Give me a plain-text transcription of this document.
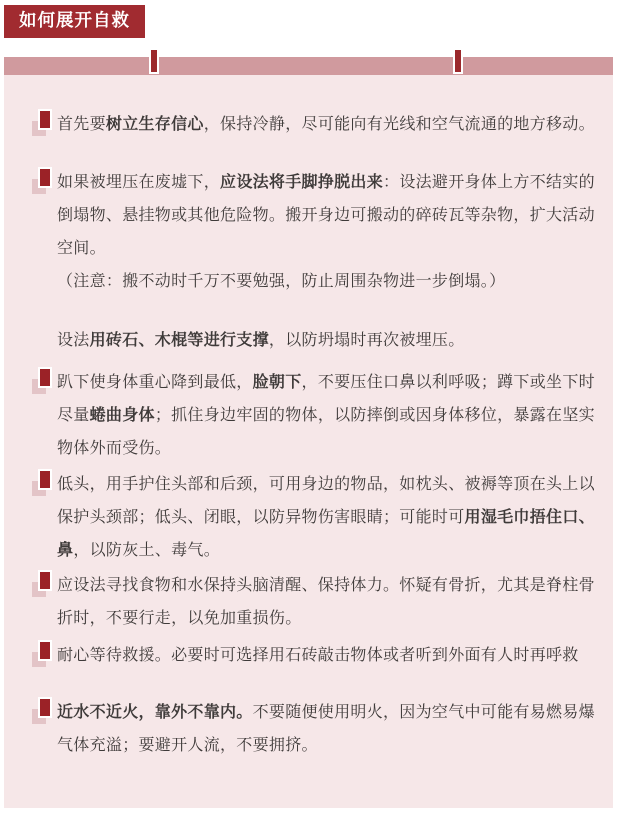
如何展开自救
首先要树立生存信心，保持冷静，尽可能向有光线和空气流通的地方移动。
如果被埋压在废墟下，应设法将手脚挣脱出来：设法避开身体上方不结实的倒塌物、悬挂物或其他危险物。搬开身边可搬动的碎砖瓦等杂物，扩大活动空间。
（注意：搬不动时千万不要勉强，防止周围杂物进一步倒塌。）
设法用砖石、木棍等进行支撑，以防坍塌时再次被埋压。
趴下使身体重心降到最低，脸朝下，不要压住口鼻以利呼吸；蹲下或坐下时尽量蜷曲身体；抓住身边牢固的物体，以防摔倒或因身体移位，暴露在坚实物体外而受伤。
低头，用手护住头部和后颈，可用身边的物品，如枕头、被褥等顶在头上以保护头颈部；低头、闭眼，以防异物伤害眼睛；可能时可用湿毛巾捂住口、鼻，以防灰土、毒气。
应设法寻找食物和水保持头脑清醒、保持体力。怀疑有骨折，尤其是脊柱骨折时，不要行走，以免加重损伤。
耐心等待救援。必要时可选择用石砖敲击物体或者听到外面有人时再呼救
近水不近火，靠外不靠内。不要随便使用明火，因为空气中可能有易燃易爆气体充溢；要避开人流，不要拥挤。
